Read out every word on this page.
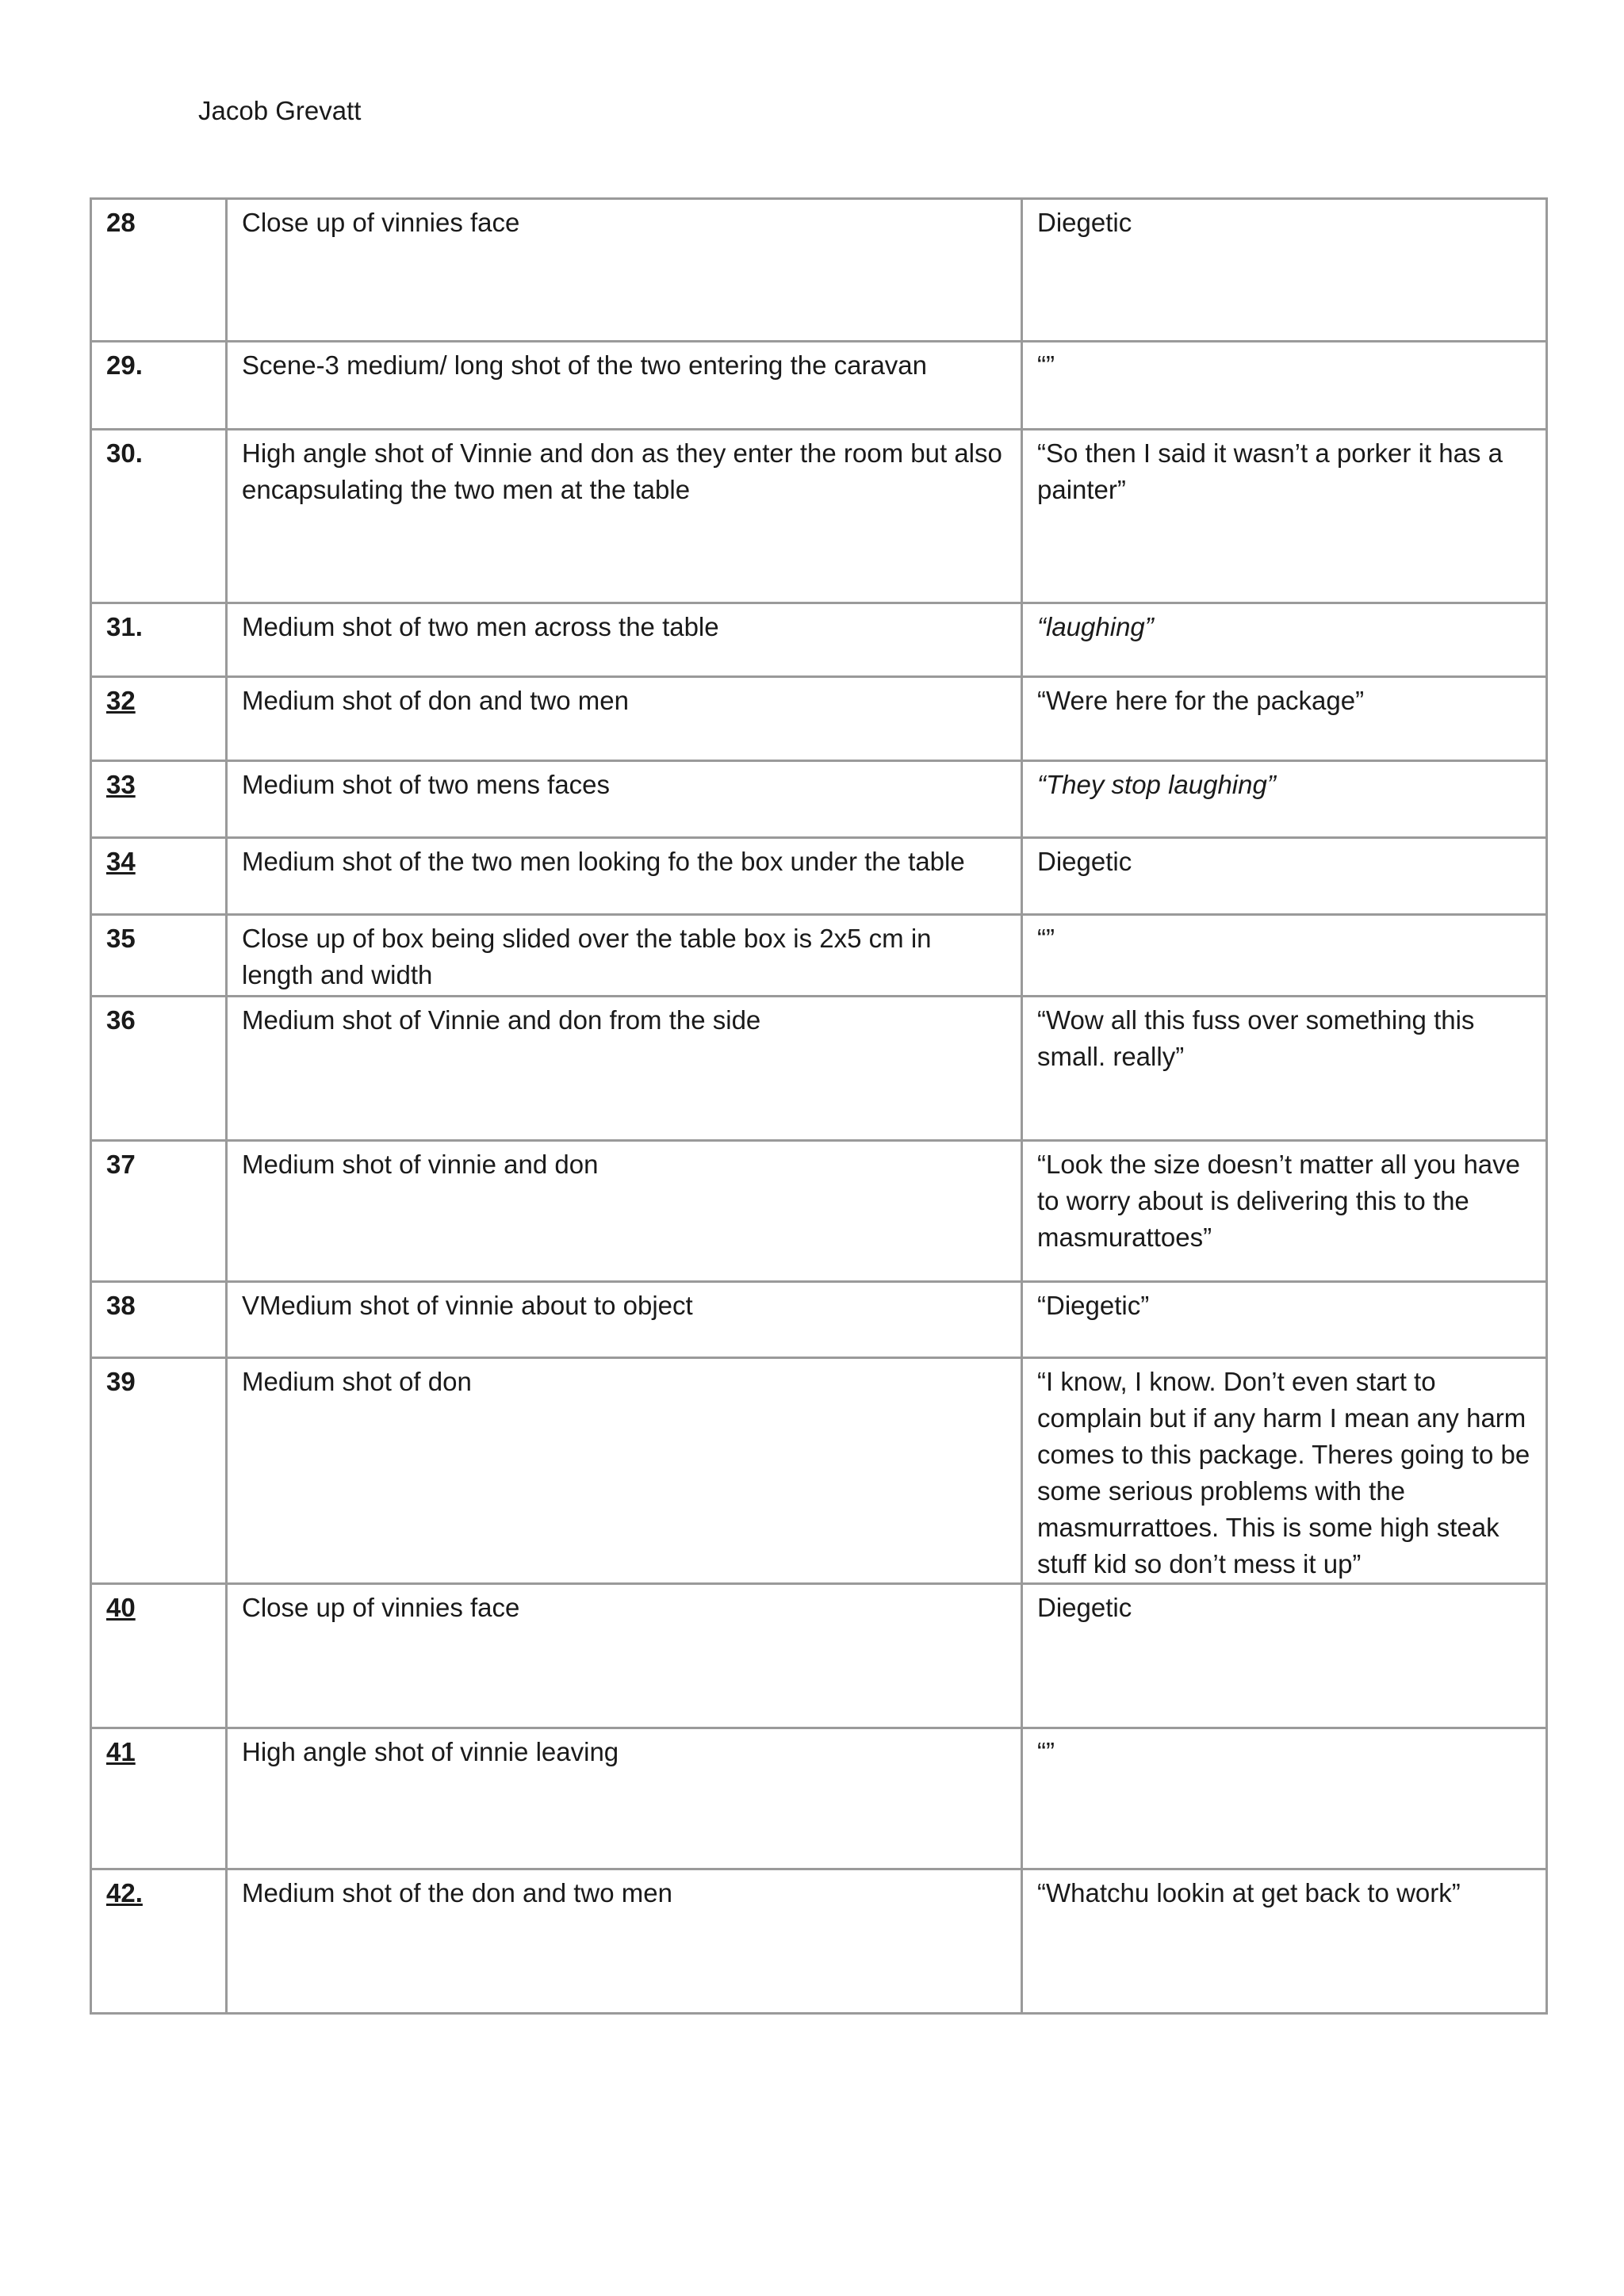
Jacob Grevatt
28	Close up of vinnies face	Diegetic
29.	Scene-3 medium/ long shot of the two entering the caravan	“”
30.	High angle shot of Vinnie and don as they enter the room but also encapsulating the two men at the table	“So then I said it wasn’t a porker it has a painter”
31.	Medium shot of two men across the table	“laughing”
32	Medium shot of don and two men	“Were here for the package”
33	Medium shot of two mens faces	“They stop laughing”
34	Medium shot of the two men looking fo the box under the table	Diegetic
35	Close up of box being slided over the table box is 2x5 cm in length and width	“”
36	Medium shot of Vinnie and don from the side	“Wow all this fuss over something this small. really”
37	Medium shot of vinnie and don	“Look the size doesn’t matter all you have to worry about is delivering this to the masmurattoes”
38	VMedium shot of vinnie about to object	“Diegetic”
39	Medium shot of don	“I know, I know. Don’t even start to complain but if any harm I mean any harm comes to this package. Theres going to be some serious problems with the masmurrattoes. This is some high steak stuff kid so don’t mess it up”
40	Close up of vinnies face	Diegetic
41	High angle shot of vinnie leaving	“”
42.	Medium shot of the don and two men	“Whatchu lookin at get back to work”
